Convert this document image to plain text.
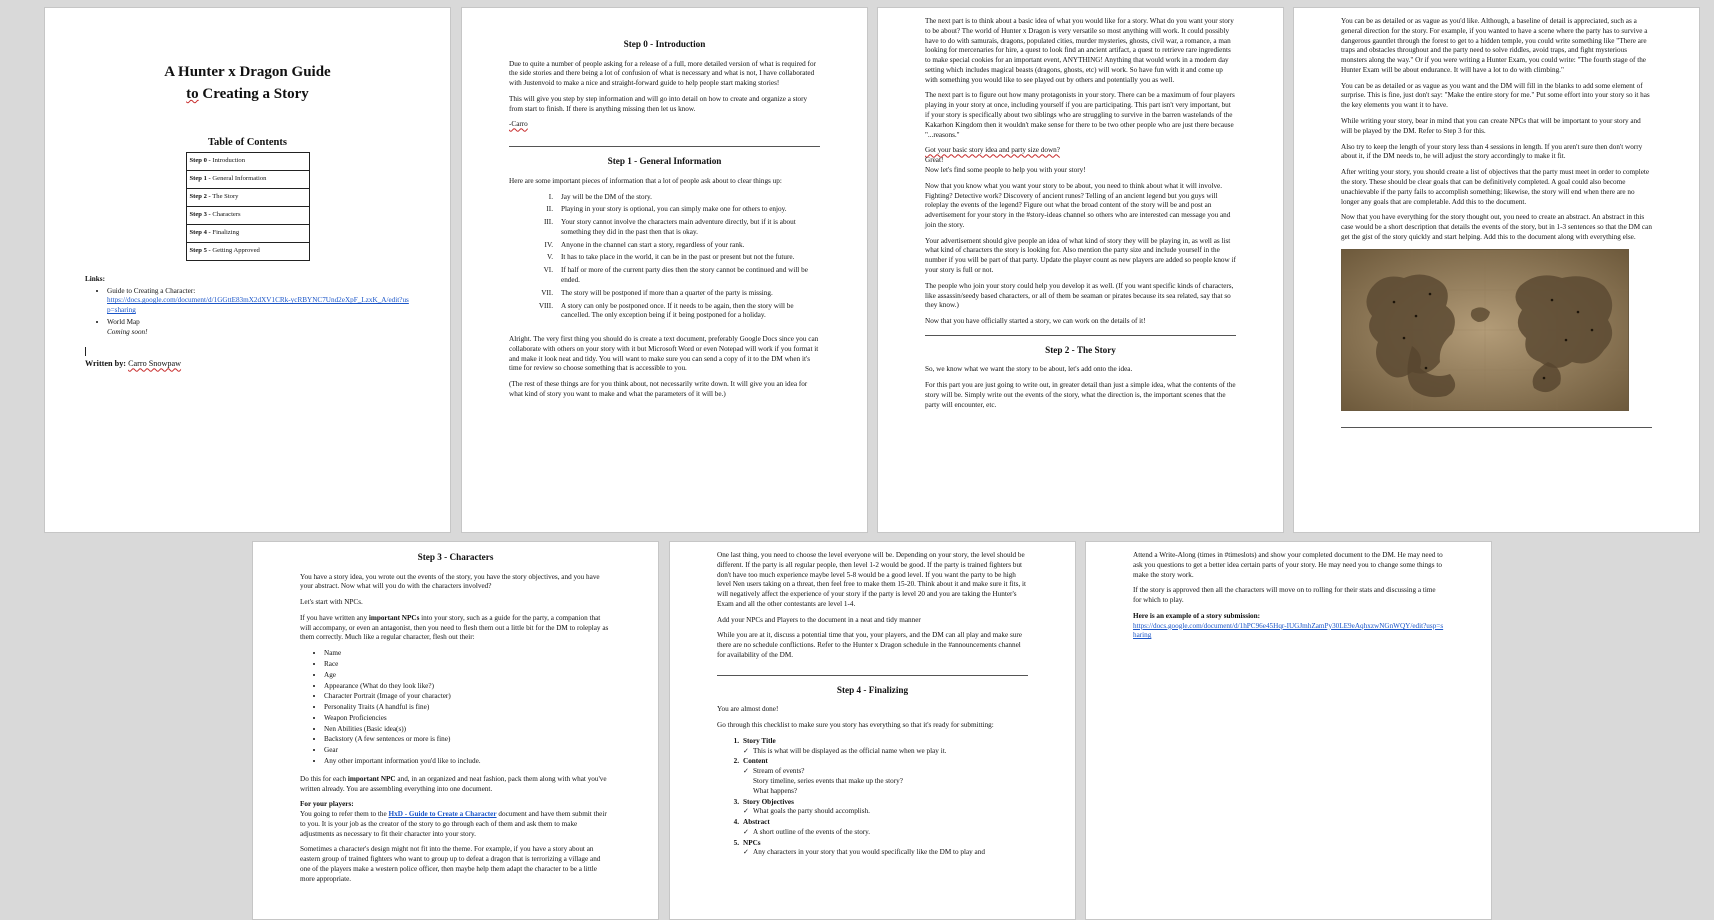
A Hunter x Dragon Guide
to Creating a Story
Table of Contents
Step 0 - Introduction
Step 1 - General Information
Step 2 - The Story
Step 3 - Characters
Step 4 - Finalizing
Step 5 - Getting Approved
Links:
• Guide to Creating a Character:
https://docs.google.com/document/d/1GGttE83mX2dXV1CRk-ycRBYNC7Und2eXpF_LzxK_A/edit?usp=sharing
• World Map
Coming soon!
Written by: Carro Snowpaw
Step 0 - Introduction

Due to quite a number of people asking for a release of a full, more detailed version of what is required for the side stories and there being a lot of confusion of what is necessary and what is not, I have collaborated with Justenvoid to make a nice and straight-forward guide to help people start making stories!

This will give you step by step information and will go into detail on how to create and organize a story from start to finish. If there is anything missing then let us know.

-Carro

Step 1 - General Information

Here are some important pieces of information that a lot of people ask about to clear things up:

I.	Jay will be the DM of the story.
II.	Playing in your story is optional, you can simply make one for others to enjoy.
III.	Your story cannot involve the characters main adventure directly, but if it is about something they did in the past then that is okay.
IV.	Anyone in the channel can start a story, regardless of your rank.
V.	It has to take place in the world, it can be in the past or present but not the future.
VI.	If half or more of the current party dies then the story cannot be continued and will be ended.
VII.	The story will be postponed if more than a quarter of the party is missing.
VIII.	A story can only be postponed once. If it needs to be again, then the story will be cancelled. The only exception being if it being postponed for a holiday.

Alright. The very first thing you should do is create a text document, preferably Google Docs since you can collaborate with others on your story with it but Microsoft Word or even Notepad will work if you format it and make it look neat and tidy. You will want to make sure you can send a copy of it to the DM when it's time for review so choose something that is accessible to you.

(The rest of these things are for you think about, not necessarily write down. It will give you an idea for what kind of story you want to make and what the parameters of it will be.)

The next part is to think about a basic idea of what you would like for a story. What do you want your story to be about? The world of Hunter x Dragon is very versatile so most anything will work. It could possibly have to do with samurais, dragons, populated cities, murder mysteries, ghosts, civil war, a romance, a man looking for mercenaries for hire, a quest to look find an ancient artifact, a quest to retrieve rare ingredients to make special cookies for an important event, ANYTHING! Anything that would work in a modern day setting which includes magical beasts (dragons, ghosts, etc) will work. So have fun with it and come up with something you would like to see played out by others and potentially you as well.

The next part is to figure out how many protagonists in your story. There can be a maximum of four players playing in your story at once, including yourself if you are participating. This part isn't very important, but if your story is specifically about two siblings who are struggling to survive in the barren wastelands of the Kakarhon Kingdom then it wouldn't make sense for there to be two other people who are just there because "...reasons."

Got your basic story idea and party size down?
Great!
Now let's find some people to help you with your story!

Now that you know what you want your story to be about, you need to think about what it will involve. Fighting? Detective work? Discovery of ancient runes? Telling of an ancient legend but you guys will roleplay the events of the legend? Figure out what the broad content of the story will be and post an advertisement for your story in the #story-ideas channel so others who are interested can message you and join the story.

Your advertisement should give people an idea of what kind of story they will be playing in, as well as list what kind of characters the story is looking for. Also mention the party size and include yourself in the number if you will be part of that party. Update the player count as new players are added so people know if your story is full or not.

The people who join your story could help you develop it as well. (If you want specific kinds of characters, like assassin/seedy based characters, or all of them be seaman or pirates because its sea related, say that so they know.)

Now that you have officially started a story, we can work on the details of it!

Step 2 - The Story

So, we know what we want the story to be about, let's add onto the idea.

For this part you are just going to write out, in greater detail than just a simple idea, what the contents of the story will be. Simply write out the events of the story, what the direction is, the important scenes that the party will encounter, etc.

You can be as detailed or as vague as you'd like. Although, a baseline of detail is appreciated, such as a general direction for the story. For example, if you wanted to have a scene where the party has to survive a dangerous gauntlet through the forest to get to a hidden temple, you could write something like "There are traps and obstacles throughout and the party need to solve riddles, avoid traps, and fight mysterious monsters along the way." Or if you were writing a Hunter Exam, you could write: "The fourth stage of the Hunter Exam will be about endurance. It will have a lot to do with climbing."

You can be as detailed or as vague as you want and the DM will fill in the blanks to add some element of surprise. This is fine, just don't say: "Make the entire story for me." Put some effort into your story so it has the key elements you want it to have.

While writing your story, bear in mind that you can create NPCs that will be important to your story and will be played by the DM. Refer to Step 3 for this.

Also try to keep the length of your story less than 4 sessions in length. If you aren't sure then don't worry about it, if the DM needs to, he will adjust the story accordingly to make it fit.

After writing your story, you should create a list of objectives that the party must meet in order to complete the story. These should be clear goals that can be definitively completed. A goal could also become unachievable if the party fails to accomplish something; likewise, the story will end when there are no longer any goals that are completable. Add this to the document.

Now that you have everything for the story thought out, you need to create an abstract. An abstract in this case would be a short description that details the events of the story, but in 1-3 sentences so that the DM can get the gist of the story quickly and start helping. Add this to the document along with everything else.

Step 3 - Characters

You have a story idea, you wrote out the events of the story, you have the story objectives, and you have your abstract. Now what will you do with the characters involved?

Let's start with NPCs.

If you have written any important NPCs into your story, such as a guide for the party, a companion that will accompany, or even an antagonist, then you need to flesh them out a little bit for the DM to roleplay as them correctly. Much like a regular character, flesh out their:

• Name
• Race
• Age
• Appearance (What do they look like?)
• Character Portrait (Image of your character)
• Personality Traits (A handful is fine)
• Weapon Proficiencies
• Nen Abilities (Basic idea(s))
• Backstory (A few sentences or more is fine)
• Gear
• Any other important information you'd like to include.

Do this for each important NPC and, in an organized and neat fashion, pack them along with what you've written already. You are assembling everything into one document.

For your players:

You going to refer them to the HxD - Guide to Create a Character document and have them submit their to you. It is your job as the creator of the story to go through each of them and ask them to make adjustments as necessary to fit their character into your story.

Sometimes a character's design might not fit into the theme. For example, if you have a story about an eastern group of trained fighters who want to group up to defeat a dragon that is terrorizing a village and one of the players make a western police officer, then maybe help them adapt the character to be a little more appropriate.

One last thing, you need to choose the level everyone will be. Depending on your story, the level should be different. If the party is all regular people, then level 1-2 would be good. If the party is trained fighters but don't have too much experience maybe level 5-8 would be a good level. If you want the party to be high level Nen users taking on a threat, then feel free to make them 15-20. Think about it and make sure it fits, it will negatively affect the experience of your story if the party is level 20 and you are taking the Hunter's Exam and all the other contestants are level 1-4.

Add your NPCs and Players to the document in a neat and tidy manner

While you are at it, discuss a potential time that you, your players, and the DM can all play and make sure there are no schedule conflictions. Refer to the Hunter x Dragon schedule in the #announcements channel for availability of the DM.

Step 4 - Finalizing

You are almost done!

Go through this checklist to make sure you story has everything so that it's ready for submitting:

1. Story Title
✓ This is what will be displayed as the official name when we play it.
2. Content
✓ Stream of events?
Story timeline, series events that make up the story?
What happens?
3. Story Objectives
✓ What goals the party should accomplish.
4. Abstract
✓ A short outline of the events of the story.
5. NPCs
✓ Any characters in your story that you would specifically like the DM to play and

Attend a Write-Along (times in #timeslots) and show your completed document to the DM. He may need to ask you questions to get a better idea certain parts of your story. He may need you to change some things to make the story work.

If the story is approved then all the characters will move on to rolling for their stats and discussing a time for which to play.

Here is an example of a story submission:
https://docs.google.com/document/d/1hPC96e45Hqr-IUGJmhZamPy30LE9eAqhxzwNGnWQY/edit?usp=sharing
